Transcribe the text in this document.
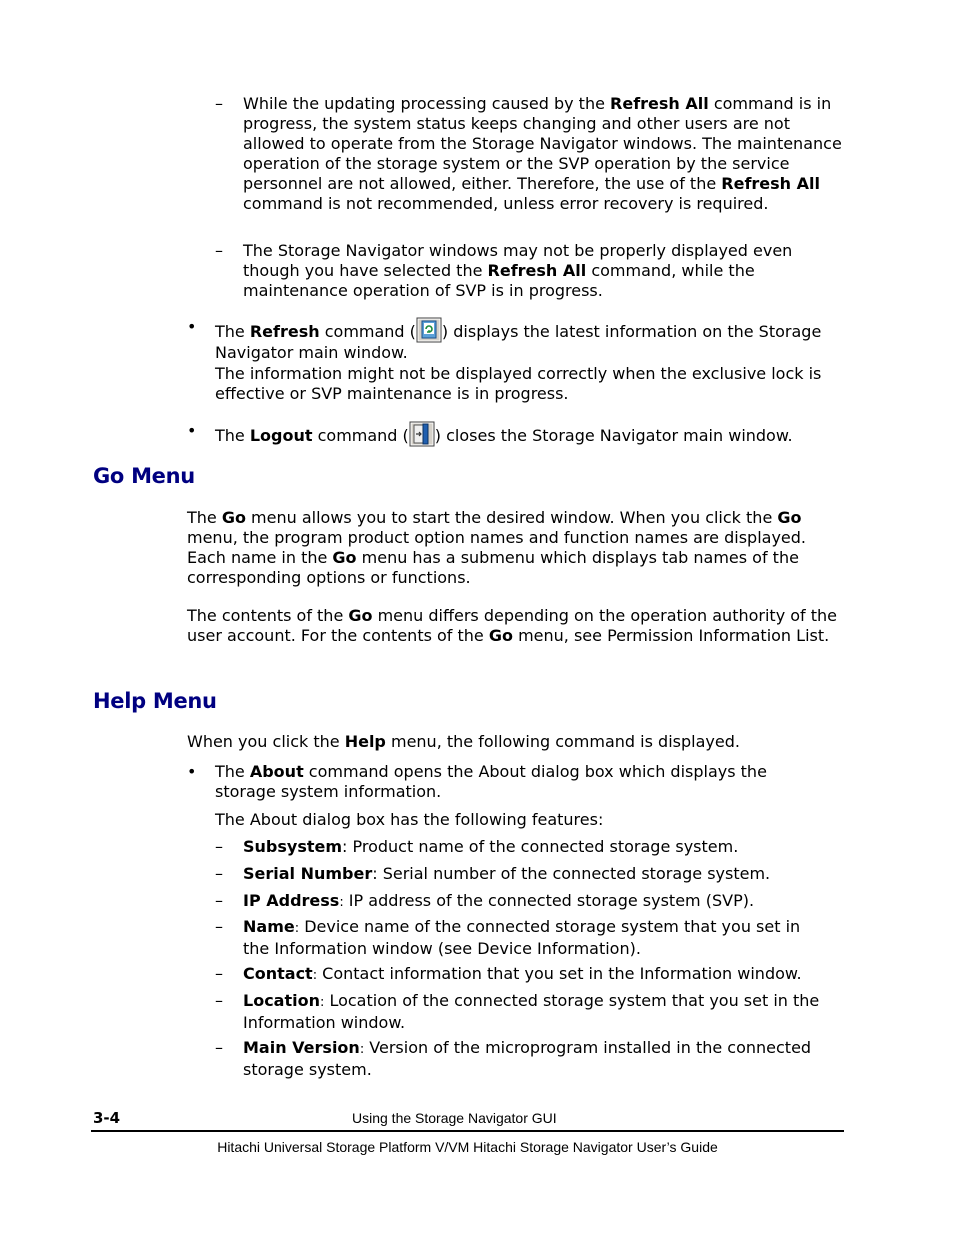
– While the updating processing caused by the Refresh All command is in progress, the system status keeps changing and other users are not allowed to operate from the Storage Navigator windows. The maintenance operation of the storage system or the SVP operation by the service personnel are not allowed, either. Therefore, the use of the Refresh All command is not recommended, unless error recovery is required.

– The Storage Navigator windows may not be properly displayed even though you have selected the Refresh All command, while the maintenance operation of SVP is in progress.

• The Refresh command ( ) displays the latest information on the Storage Navigator main window.

The information might not be displayed correctly when the exclusive lock is effective or SVP maintenance is in progress.

• The Logout command ( ) closes the Storage Navigator main window.

Go Menu

The Go menu allows you to start the desired window. When you click the Go menu, the program product option names and function names are displayed. Each name in the Go menu has a submenu which displays tab names of the corresponding options or functions.

The contents of the Go menu differs depending on the operation authority of the user account. For the contents of the Go menu, see Permission Information List.

Help Menu

When you click the Help menu, the following command is displayed.

• The About command opens the About dialog box which displays the storage system information.

The About dialog box has the following features:

– Subsystem: Product name of the connected storage system.

– Serial Number: Serial number of the connected storage system.

– IP Address: IP address of the connected storage system (SVP).

– Name: Device name of the connected storage system that you set in the Information window (see Device Information).

– Contact: Contact information that you set in the Information window.

– Location: Location of the connected storage system that you set in the Information window.

– Main Version: Version of the microprogram installed in the connected storage system.

3-4	Using the Storage Navigator GUI
Hitachi Universal Storage Platform V/VM Hitachi Storage Navigator User’s Guide
